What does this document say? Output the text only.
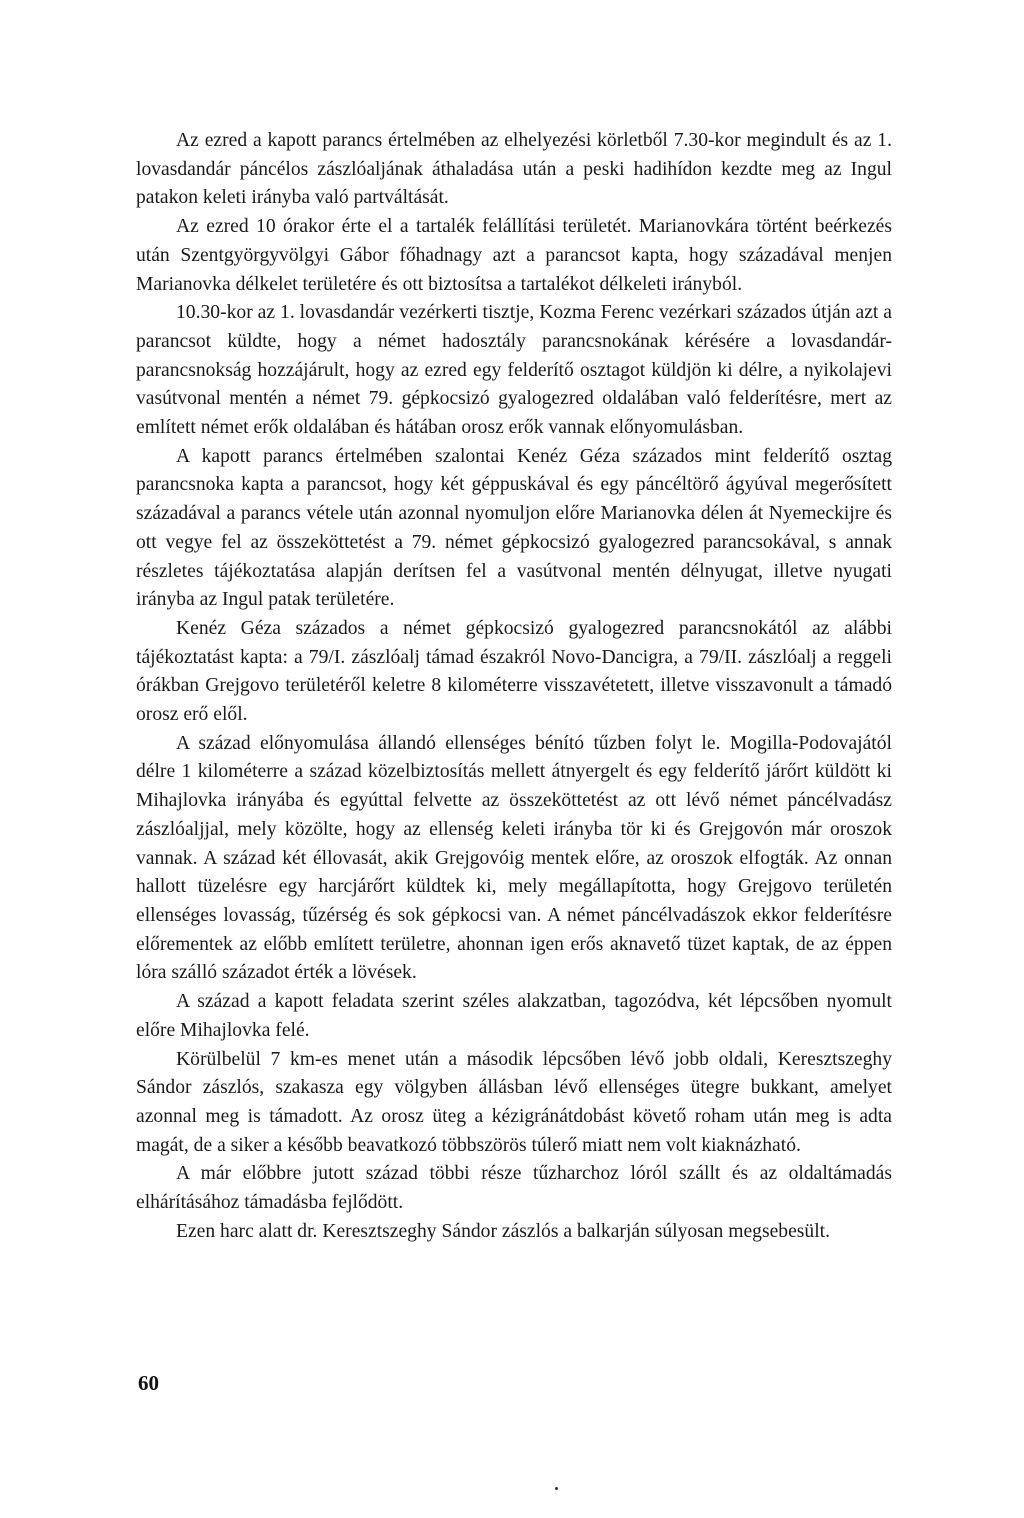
Az ezred a kapott parancs értelmében az elhelyezési körletből 7.30-kor megindult és az 1. lovasdandár páncélos zászlóaljának áthaladása után a peski hadihídon kezdte meg az Ingul patakon keleti irányba való partváltását.

Az ezred 10 órakor érte el a tartalék felállítási területét. Marianovkára történt beérkezés után Szentgyörgyvölgyi Gábor főhadnagy azt a parancsot kapta, hogy századával menjen Marianovka délkelet területére és ott biztosítsa a tartalékot délkeleti irányból.

10.30-kor az 1. lovasdandár vezérkerti tisztje, Kozma Ferenc vezérkari százados útján azt a parancsot küldte, hogy a német hadosztály parancsnokának kérésére a lovasdandár-parancsnokság hozzájárult, hogy az ezred egy felderítő osztagot küldjön ki délre, a nyikolajevi vasútvonal mentén a német 79. gépkocsizó gyalogezred oldalában való felderítésre, mert az említett német erők oldalában és hátában orosz erők vannak előnyomulásban.

A kapott parancs értelmében szalontai Kenéz Géza százados mint felderítő osztag parancsnoka kapta a parancsot, hogy két géppuskával és egy páncéltörő ágyúval megerősített századával a parancs vétele után azonnal nyomuljon előre Marianovka délen át Nyemeckijre és ott vegye fel az összeköttetést a 79. német gépkocsizó gyalogezred parancsokával, s annak részletes tájékoztatása alapján derítsen fel a vasútvonal mentén délnyugat, illetve nyugati irányba az Ingul patak területére.

Kenéz Géza százados a német gépkocsizó gyalogezred parancsnokától az alábbi tájékoztatást kapta: a 79/I. zászlóalj támad északról Novo-Dancigra, a 79/II. zászlóalj a reggeli órákban Grejgovo területéről keletre 8 kilométerre visszavétetett, illetve visszavonult a támadó orosz erő elől.

A század előnyomulása állandó ellenséges bénító tűzben folyt le. Mogilla-Podovajától délre 1 kilométerre a század közelbiztosítás mellett átnyergelt és egy felderítő járőrt küldött ki Mihajlovka irányába és egyúttal felvette az összeköttetést az ott lévő német páncélvadász zászlóaljjal, mely közölte, hogy az ellenség keleti irányba tör ki és Grejgovón már oroszok vannak. A század két éllovasát, akik Grejgovóig mentek előre, az oroszok elfogták. Az onnan hallott tüzelésre egy harcjárőrt küldtek ki, mely megállapította, hogy Grejgovo területén ellenséges lovasság, tűzérség és sok gépkocsi van. A német páncélvadászok ekkor felderítésre előrementek az előbb említett területre, ahonnan igen erős aknavető tüzet kaptak, de az éppen lóra szálló századot érték a lövések.

A század a kapott feladata szerint széles alakzatban, tagozódva, két lépcsőben nyomult előre Mihajlovka felé.

Körülbelül 7 km-es menet után a második lépcsőben lévő jobb oldali, Keresztszeghy Sándor zászlós, szakasza egy völgyben állásban lévő ellenséges ütegre bukkant, amelyet azonnal meg is támadott. Az orosz üteg a kézigránátdobást követő roham után meg is adta magát, de a siker a később beavatkozó többszörös túlerő miatt nem volt kiaknázható.

A már előbbre jutott század többi része tűzharchoz lóról szállt és az oldaltámadás elhárításához támadásba fejlődött.

Ezen harc alatt dr. Keresztszeghy Sándor zászlós a balkarján súlyosan megsebesült.

60
